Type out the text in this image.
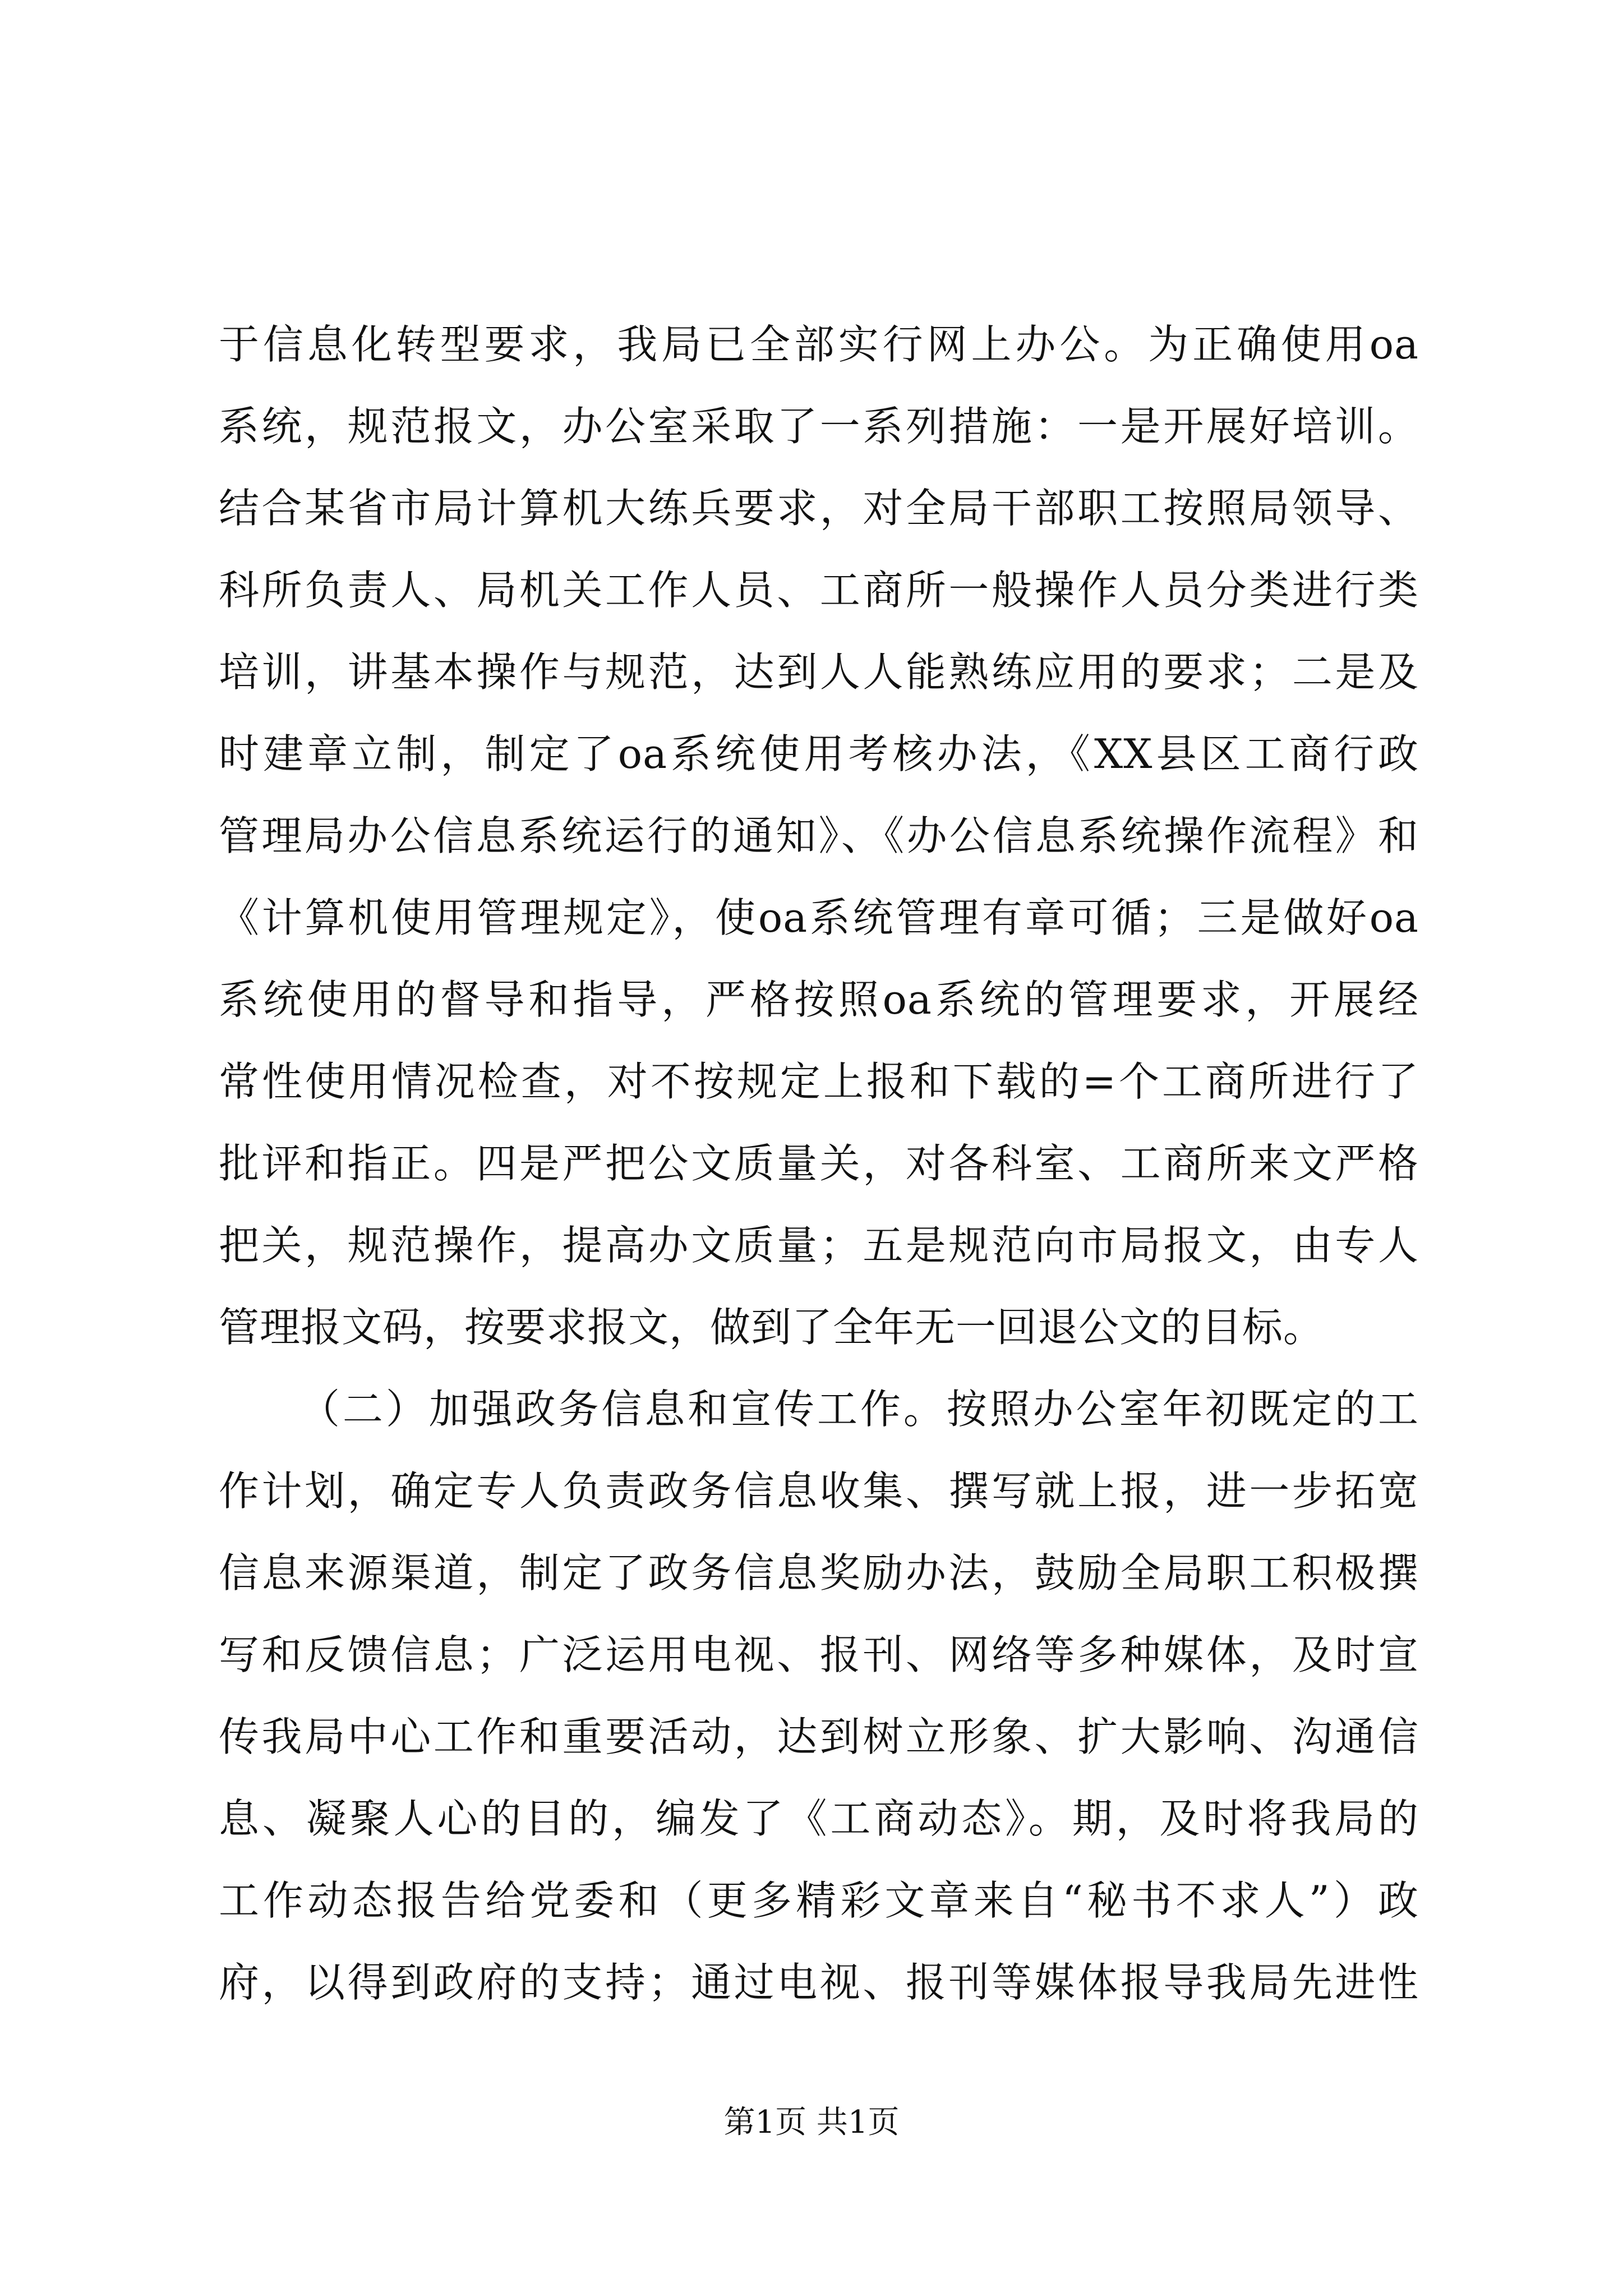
于信息化转型要求，我局已全部实行网上办公。为正确使用oa
系统，规范报文，办公室采取了一系列措施：一是开展好培训。
结合某省市局计算机大练兵要求，对全局干部职工按照局领导、
科所负责人、局机关工作人员、工商所一般操作人员分类进行类
培训，讲基本操作与规范，达到人人能熟练应用的要求；二是及
时建章立制，制定了oa系统使用考核办法，《XX县区工商行政
管理局办公信息系统运行的通知》、《办公信息系统操作流程》和
《计算机使用管理规定》，使oa系统管理有章可循；三是做好oa
系统使用的督导和指导，严格按照oa系统的管理要求，开展经
常性使用情况检查，对不按规定上报和下载的=个工商所进行了
批评和指正。四是严把公文质量关，对各科室、工商所来文严格
把关，规范操作，提高办文质量；五是规范向市局报文，由专人
管理报文码，按要求报文，做到了全年无一回退公文的目标。
（二）加强政务信息和宣传工作。按照办公室年初既定的工
作计划，确定专人负责政务信息收集、撰写就上报，进一步拓宽
信息来源渠道，制定了政务信息奖励办法，鼓励全局职工积极撰
写和反馈信息；广泛运用电视、报刊、网络等多种媒体，及时宣
传我局中心工作和重要活动，达到树立形象、扩大影响、沟通信
息、凝聚人心的目的，编发了《工商动态》。期，及时将我局的
工作动态报告给党委和（更多精彩文章来自“秘书不求人”）政
府，以得到政府的支持；通过电视、报刊等媒体报导我局先进性
第1页 共1页
